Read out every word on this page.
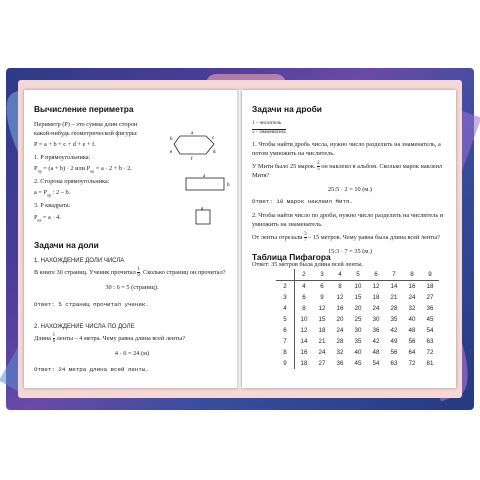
Вычисление периметра

Периметр (P) – это сумма длин сторон какой-нибудь геометрической фигуры:

P = a + b + c + d + e + f.

1. P прямоугольника:

$P_{пр} = (a + b) \cdot 2$ или $P_{пр} = a \cdot 2 + b \cdot 2$.

2. Сторона прямоугольника:

$a = P_{пр}$ : 2 – b.

3. P квадрата:

$P_{кв} = a \cdot 4$.

b
a
c
d
e
f
a
b
a

Задачи на доли

1. НАХОЖДЕНИЕ ДОЛИ ЧИСЛА

В книге 30 страниц. Ученик прочитал $\frac{1}{6}$ . Сколько страниц он прочитал?

30 : 6 = 5 (страниц).

Ответ: 5 страниц прочитал ученик.

2. НАХОЖДЕНИЕ ЧИСЛА ПО ДОЛЕ

Длина $\frac{1}{6}$ ленты – 4 метра. Чему равна длина всей ленты?

4 · 6 = 24 (м)

Ответ: 24 метра длина всей ленты.

Задачи на дроби

1 – числитель

5 – знаменатель

1. Чтобы найти дробь числа, нужно число разделить на знаменатель, а потом умножить на числитель.

У Мити было 25 марок. $\frac{2}{5}$ он наклеил в альбом. Сколько марок наклеил Митя?

25:5 · 2 = 10 (м.)

Ответ: 10 марок наклеил Митя.

2. Чтобы найти число по дроби, нужно число разделить на числитель и умножить на знаменатель.

От ленты отрезали $\frac{3}{7} - 15$ метров. Чему равна была длина всей ленты?

15:3 · 7 = 35 (м.)

Ответ: 35 метров была длина всей ленты.

Таблица Пифагора

	2	3	4	5	6	7	8	9
2	4	6	8	10	12	14	16	18
3	6	9	12	15	18	21	24	27
4	8	12	16	20	24	28	32	36
5	10	15	20	25	30	35	40	45
6	12	18	24	30	36	42	48	54
7	14	21	28	35	42	49	56	63
8	16	24	32	40	48	56	64	72
9	18	27	36	45	54	63	72	81
